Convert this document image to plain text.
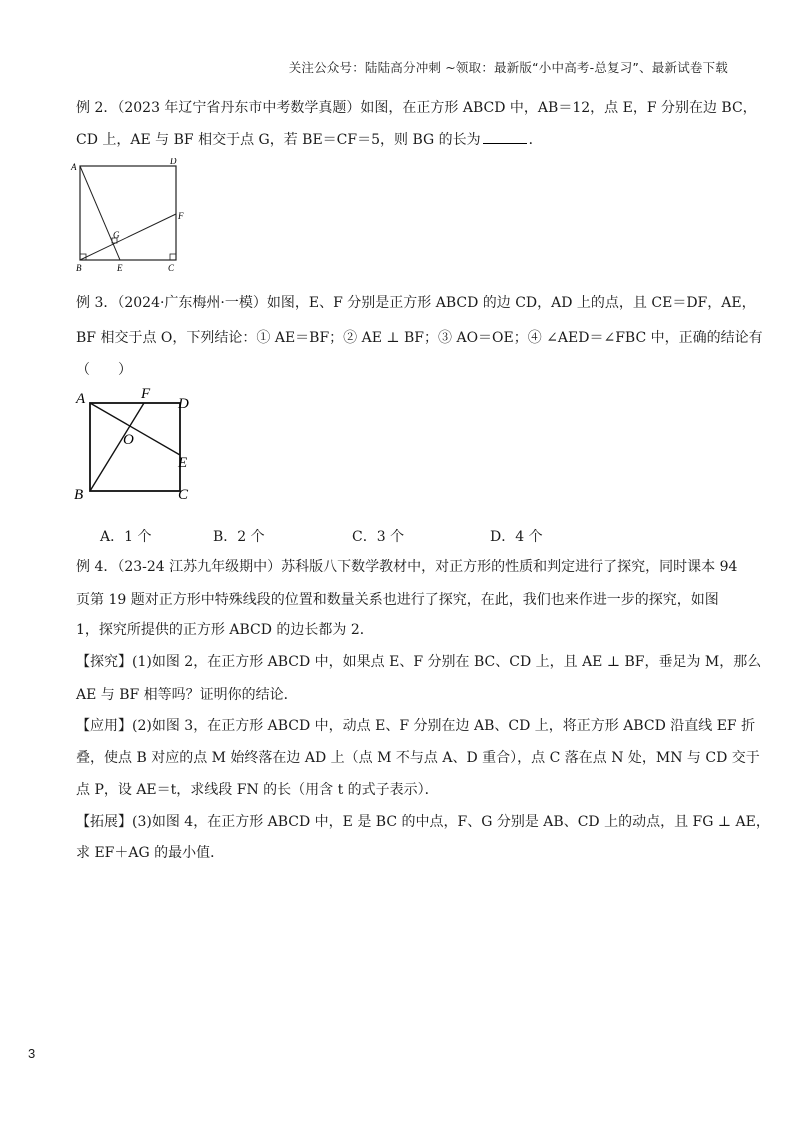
关注公众号：陆陆高分冲刺 ~领取：最新版“小中高考-总复习”、最新试卷下载
例 2．（2023 年辽宁省丹东市中考数学真题）如图，在正方形 ABCD 中，AB＝12，点 E，F 分别在边 BC，
CD 上，AE 与 BF 相交于点 G，若 BE＝CF＝5，则 BG 的长为	．
A
D
F
G
B	E	C
例 3．（2024·广东梅州·一模）如图，E、F 分别是正方形 ABCD 的边 CD，AD 上的点，且 CE＝DF，AE，
BF 相交于点 O，下列结论：① AE＝BF；② AE ⊥ BF；③ AO＝OE；④ ∠AED＝∠FBC 中，正确的结论有
（　　）
A	F
D
O
E
B	C
A．1 个	B．2 个	C．3 个	D．4 个
例 4．（23-24 江苏九年级期中）苏科版八下数学教材中，对正方形的性质和判定进行了探究，同时课本 94
页第 19 题对正方形中特殊线段的位置和数量关系也进行了探究，在此，我们也来作进一步的探究，如图
1，探究所提供的正方形 ABCD 的边长都为 2．
【探究】(1)如图 2，在正方形 ABCD 中，如果点 E、F 分别在 BC、CD 上，且 AE ⊥ BF，垂足为 M，那么
AE 与 BF 相等吗？证明你的结论．
【应用】(2)如图 3，在正方形 ABCD 中，动点 E、F 分别在边 AB、CD 上，将正方形 ABCD 沿直线 EF 折
叠，使点 B 对应的点 M 始终落在边 AD 上（点 M 不与点 A、D 重合），点 C 落在点 N 处，MN 与 CD 交于
点 P，设 AE＝t，求线段 FN 的长（用含 t 的式子表示）．
【拓展】(3)如图 4，在正方形 ABCD 中，E 是 BC 的中点，F、G 分别是 AB、CD 上的动点，且 FG ⊥ AE，
求 EF＋AG 的最小值．
3
